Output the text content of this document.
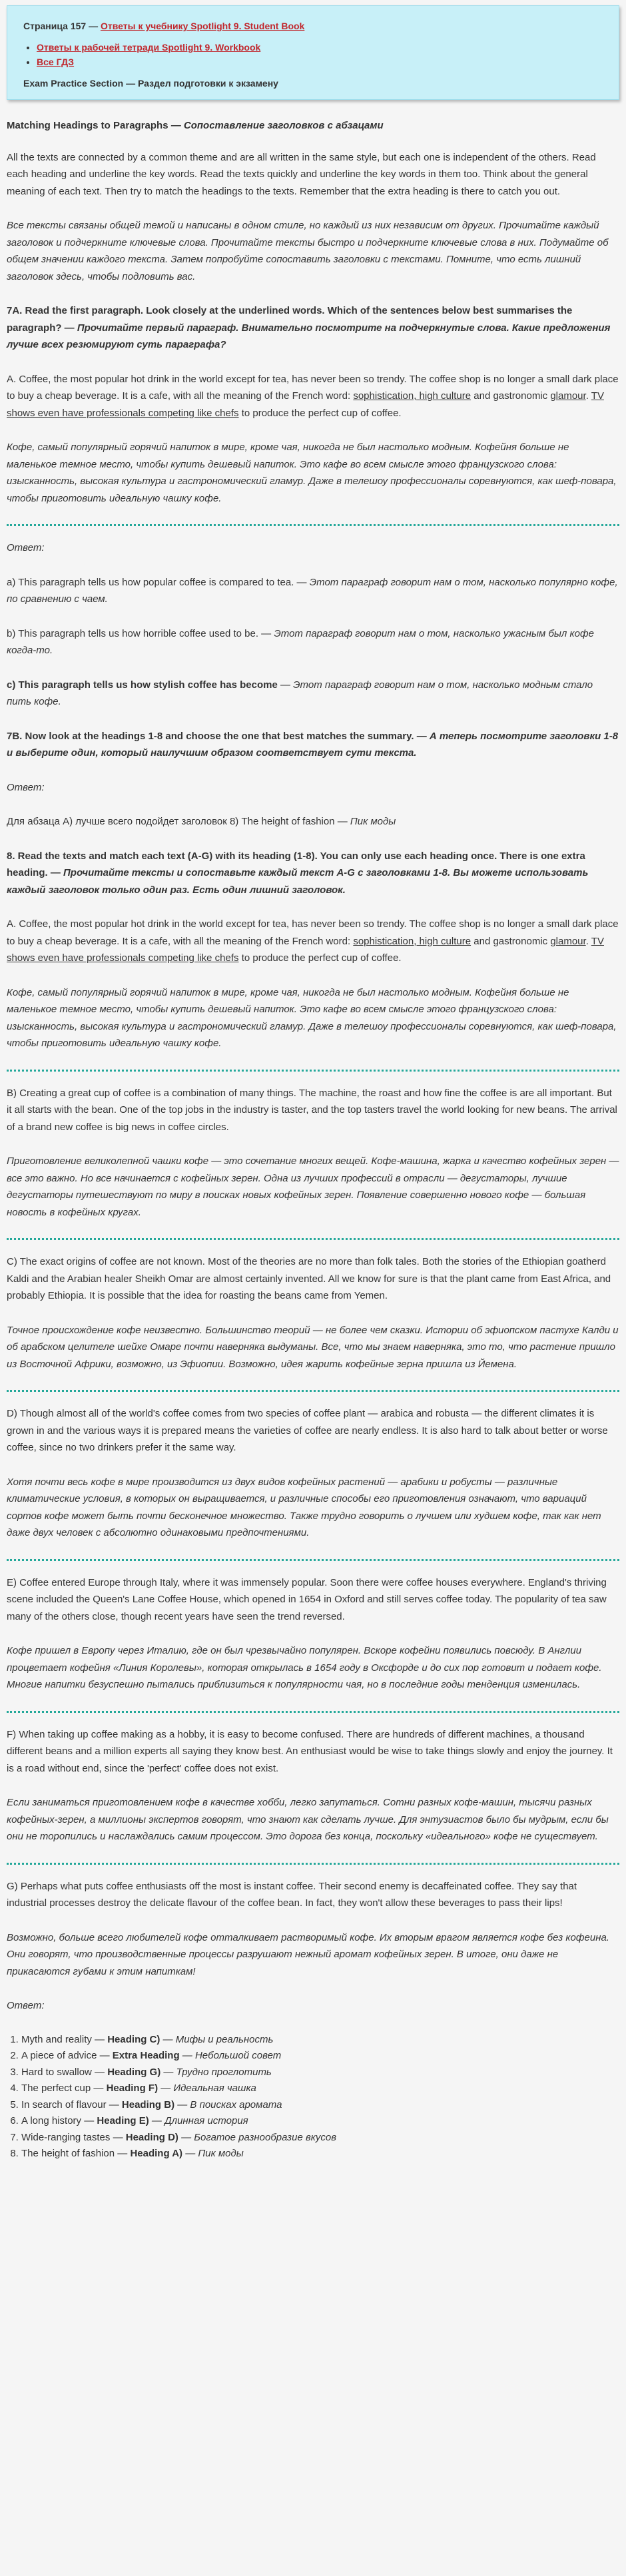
Страница 157 — Ответы к учебнику Spotlight 9. Student Book
• Ответы к рабочей тетради Spotlight 9. Workbook
• Все ГДЗ
Exam Practice Section — Раздел подготовки к экзамену
Matching Headings to Paragraphs — Сопоставление заголовков с абзацами

All the texts are connected by a common theme and are all written in the same style, but each one is independent of the others. Read each heading and underline the key words. Read the texts quickly and underline the key words in them too. Think about the general meaning of each text. Then try to match the headings to the texts. Remember that the extra heading is there to catch you out.

Все тексты связаны общей темой и написаны в одном стиле, но каждый из них независим от других. Прочитайте каждый заголовок и подчеркните ключевые слова. Прочитайте тексты быстро и подчеркните ключевые слова в них. Подумайте об общем значении каждого текста. Затем попробуйте сопоставить заголовки с текстами. Помните, что есть лишний заголовок здесь, чтобы подловить вас.

7A. Read the first paragraph. Look closely at the underlined words. Which of the sentences below best summarises the paragraph? — Прочитайте первый параграф. Внимательно посмотрите на подчеркнутые слова. Какие предложения лучше всех резюмируют суть параграфа?

A. Coffee, the most popular hot drink in the world except for tea, has never been so trendy. The coffee shop is no longer a small dark place to buy a cheap beverage. It is a cafe, with all the meaning of the French word: sophistication, high culture and gastronomic glamour. TV shows even have professionals competing like chefs to produce the perfect cup of coffee.

Кофе, самый популярный горячий напиток в мире, кроме чая, никогда не был настолько модным. Кофейня больше не маленькое темное место, чтобы купить дешевый напиток. Это кафе во всем смысле этого французского слова: изысканность, высокая культура и гастрономический гламур. Даже в телешоу профессионалы соревнуются, как шеф-повара, чтобы приготовить идеальную чашку кофе.

Ответ:

a) This paragraph tells us how popular coffee is compared to tea. — Этот параграф говорит нам о том, насколько популярно кофе, по сравнению с чаем.

b) This paragraph tells us how horrible coffee used to be. — Этот параграф говорит нам о том, насколько ужасным был кофе когда-то.

c) This paragraph tells us how stylish coffee has become — Этот параграф говорит нам о том, насколько модным стало пить кофе.

7B. Now look at the headings 1-8 and choose the one that best matches the summary. — А теперь посмотрите заголовки 1-8 и выберите один, который наилучшим образом соответствует сути текста.

Ответ:

Для абзаца A) лучше всего подойдет заголовок 8) The height of fashion — Пик моды

8. Read the texts and match each text (A-G) with its heading (1-8). You can only use each heading once. There is one extra heading. — Прочитайте тексты и сопоставьте каждый текст A-G с заголовками 1-8. Вы можете использовать каждый заголовок только один раз. Есть один лишний заголовок.

A. Coffee, the most popular hot drink in the world except for tea, has never been so trendy. The coffee shop is no longer a small dark place to buy a cheap beverage. It is a cafe, with all the meaning of the French word: sophistication, high culture and gastronomic glamour. TV shows even have professionals competing like chefs to produce the perfect cup of coffee.

Кофе, самый популярный горячий напиток в мире, кроме чая, никогда не был настолько модным. Кофейня больше не маленькое темное место, чтобы купить дешевый напиток. Это кафе во всем смысле этого французского слова: изысканность, высокая культура и гастрономический гламур. Даже в телешоу профессионалы соревнуются, как шеф-повара, чтобы приготовить идеальную чашку кофе.

B) Creating a great cup of coffee is a combination of many things. The machine, the roast and how fine the coffee is are all important. But it all starts with the bean. One of the top jobs in the industry is taster, and the top tasters travel the world looking for new beans. The arrival of a brand new coffee is big news in coffee circles.

Приготовление великолепной чашки кофе — это сочетание многих вещей. Кофе-машина, жарка и качество кофейных зерен — все это важно. Но все начинается с кофейных зерен. Одна из лучших профессий в отрасли — дегустаторы, лучшие дегустаторы путешествуют по миру в поисках новых кофейных зерен. Появление совершенно нового кофе — большая новость в кофейных кругах.

C) The exact origins of coffee are not known. Most of the theories are no more than folk tales. Both the stories of the Ethiopian goatherd Kaldi and the Arabian healer Sheikh Omar are almost certainly invented. All we know for sure is that the plant came from East Africa, and probably Ethiopia. It is possible that the idea for roasting the beans came from Yemen.

Точное происхождение кофе неизвестно. Большинство теорий — не более чем сказки. Истории об эфиопском пастухе Калди и об арабском целителе шейхе Омаре почти наверняка выдуманы. Все, что мы знаем наверняка, это то, что растение пришло из Восточной Африки, возможно, из Эфиопии. Возможно, идея жарить кофейные зерна пришла из Йемена.

D) Though almost all of the world's coffee comes from two species of coffee plant — arabica and robusta — the different climates it is grown in and the various ways it is prepared means the varieties of coffee are nearly endless. It is also hard to talk about better or worse coffee, since no two drinkers prefer it the same way.

Хотя почти весь кофе в мире производится из двух видов кофейных растений — арабики и робусты — различные климатические условия, в которых он выращивается, и различные способы его приготовления означают, что вариаций сортов кофе может быть почти бесконечное множество. Также трудно говорить о лучшем или худшем кофе, так как нет даже двух человек с абсолютно одинаковыми предпочтениями.

E) Coffee entered Europe through Italy, where it was immensely popular. Soon there were coffee houses everywhere. England's thriving scene included the Queen's Lane Coffee House, which opened in 1654 in Oxford and still serves coffee today. The popularity of tea saw many of the others close, though recent years have seen the trend reversed.

Кофе пришел в Европу через Италию, где он был чрезвычайно популярен. Вскоре кофейни появились повсюду. В Англии процветает кофейня «Линия Королевы», которая открылась в 1654 году в Оксфорде и до сих пор готовит и подает кофе. Многие напитки безуспешно пытались приблизиться к популярности чая, но в последние годы тенденция изменилась.

F) When taking up coffee making as a hobby, it is easy to become confused. There are hundreds of different machines, a thousand different beans and a million experts all saying they know best. An enthusiast would be wise to take things slowly and enjoy the journey. It is a road without end, since the 'perfect' coffee does not exist.

Если заниматься приготовлением кофе в качестве хобби, легко запутаться. Сотни разных кофе-машин, тысячи разных кофейных-зерен, а миллионы экспертов говорят, что знают как сделать лучше. Для энтузиастов было бы мудрым, если бы они не торопились и наслаждались самим процессом. Это дорога без конца, поскольку «идеального» кофе не существует.

G) Perhaps what puts coffee enthusiasts off the most is instant coffee. Their second enemy is decaffeinated coffee. They say that industrial processes destroy the delicate flavour of the coffee bean. In fact, they won't allow these beverages to pass their lips!

Возможно, больше всего любителей кофе отталкивает растворимый кофе. Их вторым врагом является кофе без кофеина. Они говорят, что производственные процессы разрушают нежный аромат кофейных зерен. В итоге, они даже не прикасаются губами к этим напиткам!

Ответ:

1. Myth and reality — Heading C) — Мифы и реальность
2. A piece of advice — Extra Heading — Небольшой совет
3. Hard to swallow — Heading G) — Трудно проглотить
4. The perfect cup — Heading F) — Идеальная чашка
5. In search of flavour — Heading B) — В поисках аромата
6. A long history — Heading E) — Длинная история
7. Wide-ranging tastes — Heading D) — Богатое разнообразие вкусов
8. The height of fashion — Heading A) — Пик моды
